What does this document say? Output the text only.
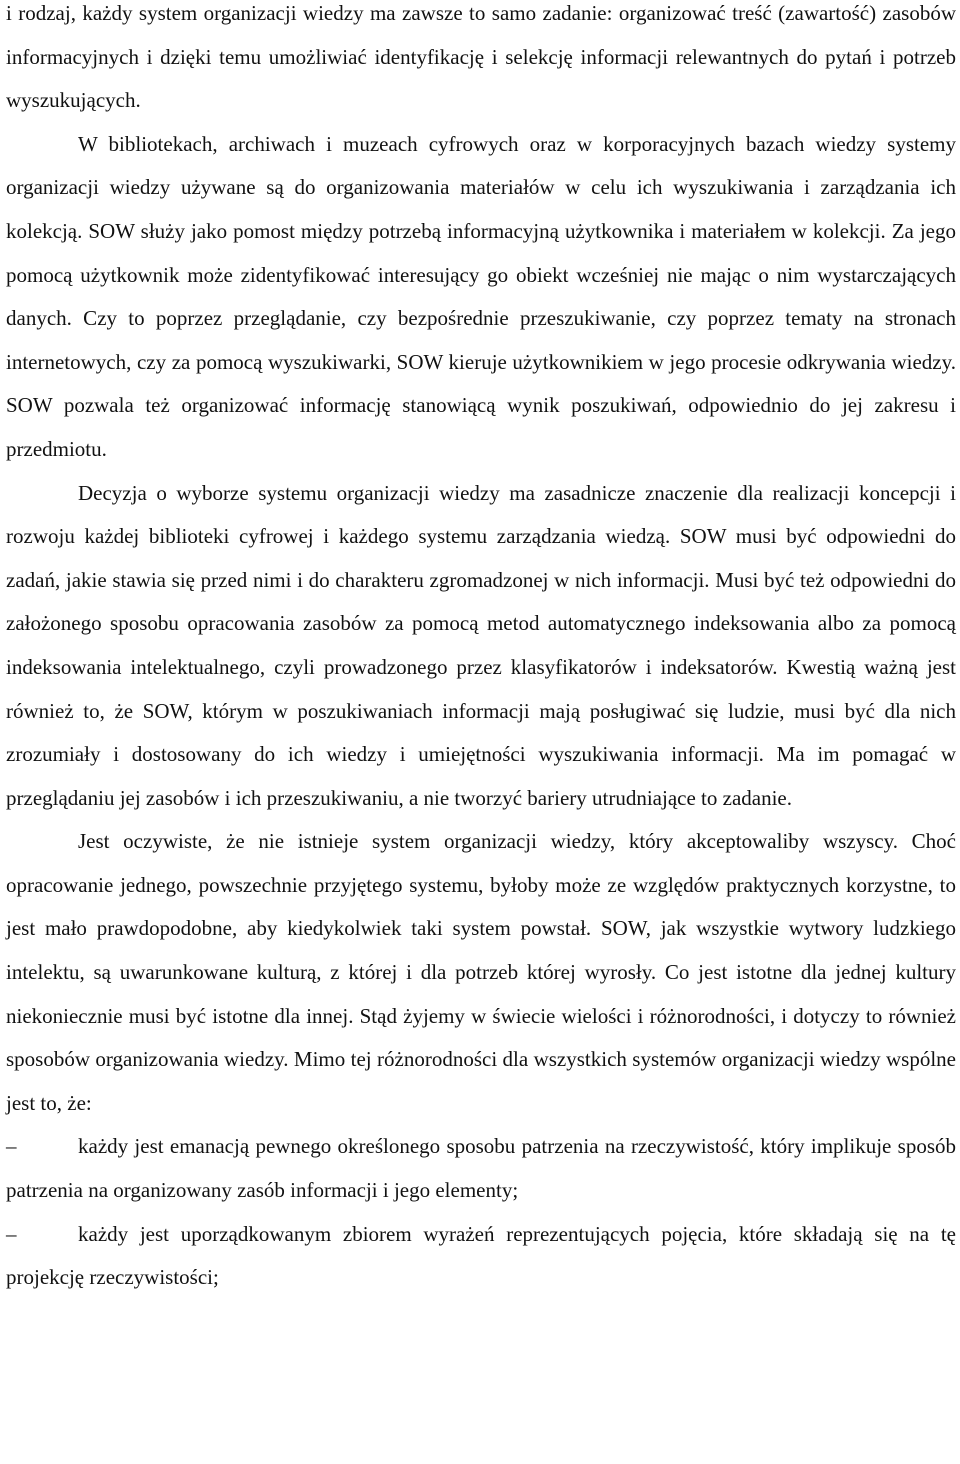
i rodzaj, każdy system organizacji wiedzy ma zawsze to samo zadanie: organizować treść (zawartość) zasobów informacyjnych i dzięki temu umożliwiać identyfikację i selekcję informacji relewantnych do pytań i potrzeb wyszukujących.

W bibliotekach, archiwach i muzeach cyfrowych oraz w korporacyjnych bazach wiedzy systemy organizacji wiedzy używane są do organizowania materiałów w celu ich wyszukiwania i zarządzania ich kolekcją. SOW służy jako pomost między potrzebą informacyjną użytkownika i materiałem w kolekcji. Za jego pomocą użytkownik może zidentyfikować interesujący go obiekt wcześniej nie mając o nim wystarczających danych. Czy to poprzez przeglądanie, czy bezpośrednie przeszukiwanie, czy poprzez tematy na stronach internetowych, czy za pomocą wyszukiwarki, SOW kieruje użytkownikiem w jego procesie odkrywania wiedzy. SOW pozwala też organizować informację stanowiącą wynik poszukiwań, odpowiednio do jej zakresu i przedmiotu.

Decyzja o wyborze systemu organizacji wiedzy ma zasadnicze znaczenie dla realizacji koncepcji i rozwoju każdej biblioteki cyfrowej i każdego systemu zarządzania wiedzą. SOW musi być odpowiedni do zadań, jakie stawia się przed nimi i do charakteru zgromadzonej w nich informacji. Musi być też odpowiedni do założonego sposobu opracowania zasobów za pomocą metod automatycznego indeksowania albo za pomocą indeksowania intelektualnego, czyli prowadzonego przez klasyfikatorów i indeksatorów. Kwestią ważną jest również to, że SOW, którym w poszukiwaniach informacji mają posługiwać się ludzie, musi być dla nich zrozumiały i dostosowany do ich wiedzy i umiejętności wyszukiwania informacji. Ma im pomagać w przeglądaniu jej zasobów i ich przeszukiwaniu, a nie tworzyć bariery utrudniające to zadanie.

Jest oczywiste, że nie istnieje system organizacji wiedzy, który akceptowaliby wszyscy. Choć opracowanie jednego, powszechnie przyjętego systemu, byłoby może ze względów praktycznych korzystne, to jest mało prawdopodobne, aby kiedykolwiek taki system powstał. SOW, jak wszystkie wytwory ludzkiego intelektu, są uwarunkowane kulturą, z której i dla potrzeb której wyrosły. Co jest istotne dla jednej kultury niekoniecznie musi być istotne dla innej. Stąd żyjemy w świecie wielości i różnorodności, i dotyczy to również sposobów organizowania wiedzy. Mimo tej różnorodności dla wszystkich systemów organizacji wiedzy wspólne jest to, że:

–	każdy jest emanacją pewnego określonego sposobu patrzenia na rzeczywistość, który implikuje sposób patrzenia na organizowany zasób informacji i jego elementy;
–	każdy jest uporządkowanym zbiorem wyrażeń reprezentujących pojęcia, które składają się na tę projekcję rzeczywistości;
